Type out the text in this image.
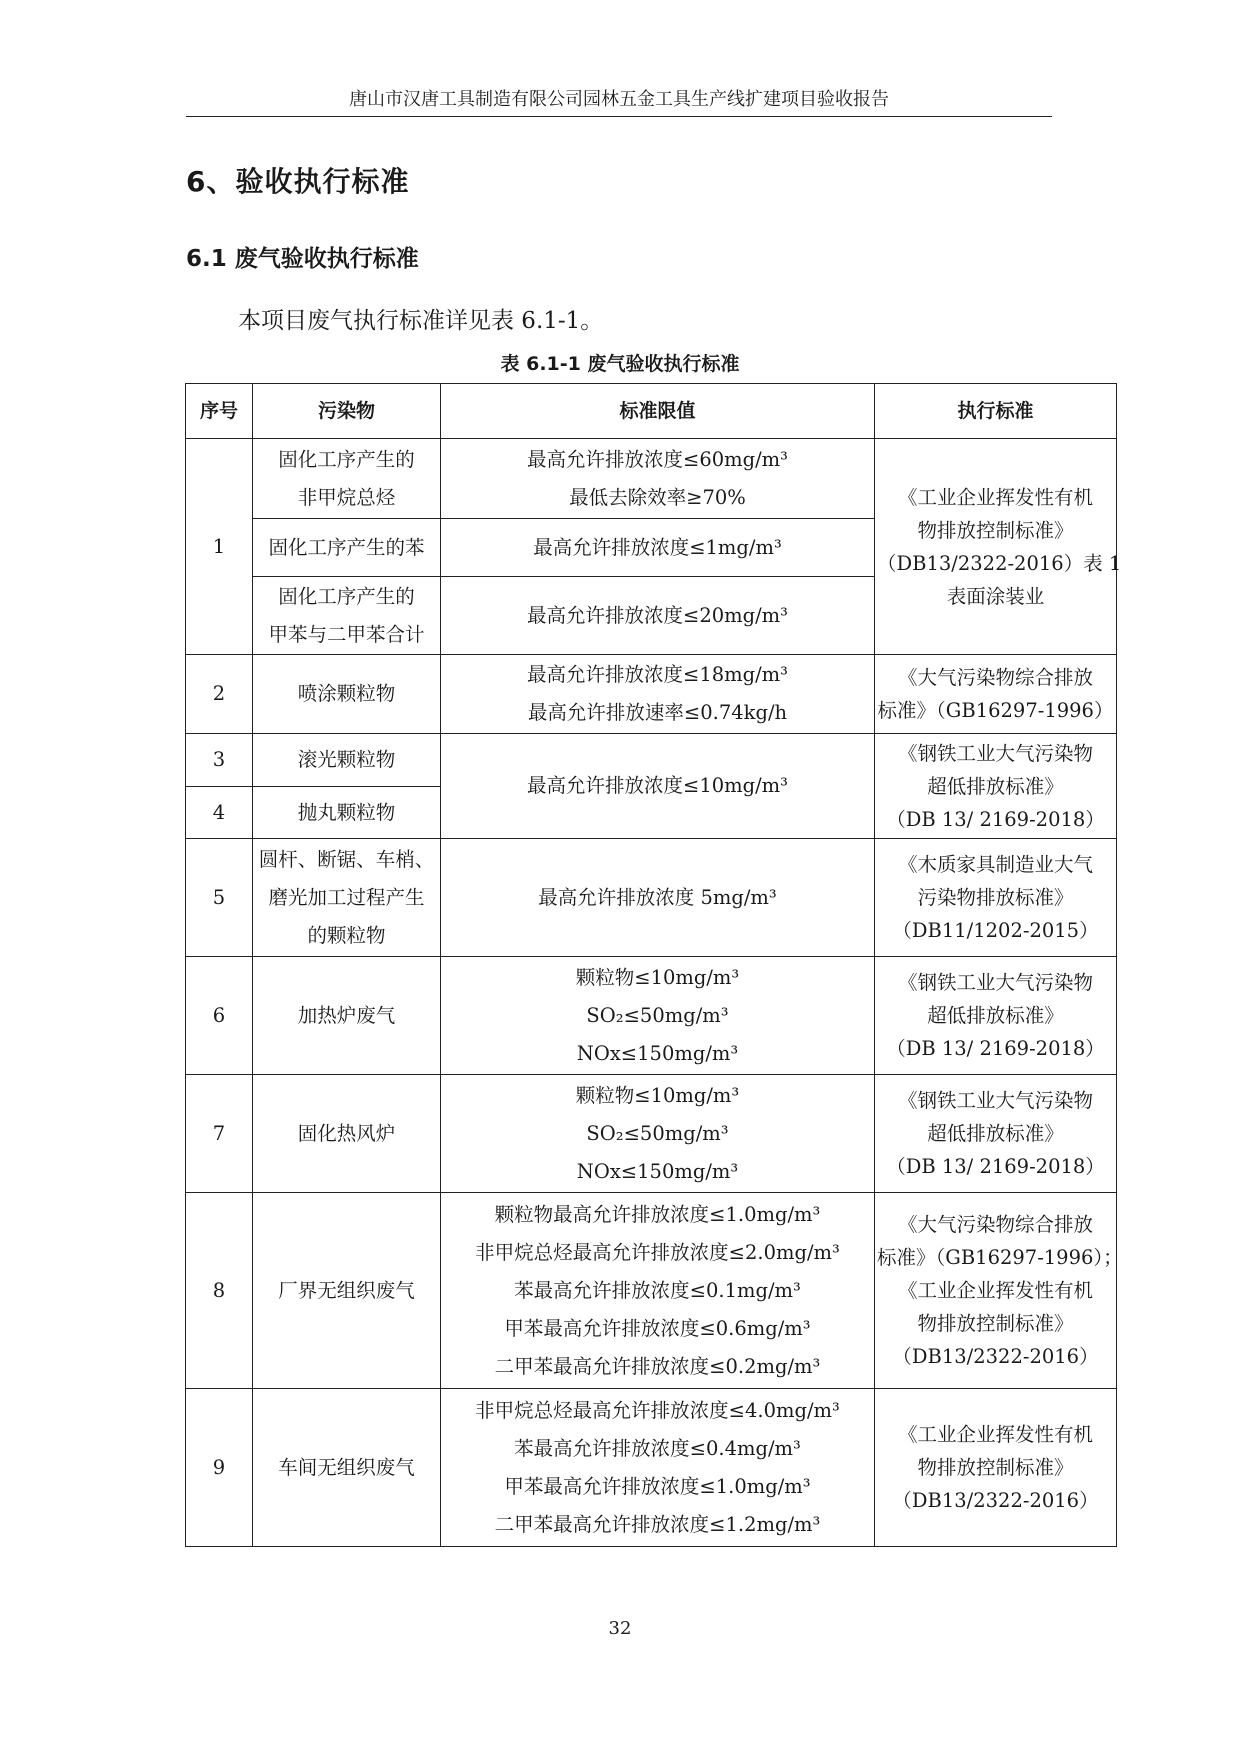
唐山市汉唐工具制造有限公司园林五金工具生产线扩建项目验收报告
6、验收执行标准
6.1 废气验收执行标准
本项目废气执行标准详见表 6.1-1。
表 6.1-1 废气验收执行标准
序号	污染物	标准限值	执行标准
1	固化工序产生的
非甲烷总烃	最高允许排放浓度≤60mg/m³
最低去除效率≥70%	《工业企业挥发性有机
物排放控制标准》
（DB13/2322-2016）表 1
表面涂装业

	固化工序产生的苯	最高允许排放浓度≤1mg/m³	

	固化工序产生的
甲苯与二甲苯合计	最高允许排放浓度≤20mg/m³	

2	喷涂颗粒物	最高允许排放浓度≤18mg/m³
最高允许排放速率≤0.74kg/h	《大气污染物综合排放
标准》（GB16297-1996）

3	滚光颗粒物	最高允许排放浓度≤10mg/m³	《钢铁工业大气污染物
超低排放标准》
（DB 13/ 2169-2018）

4	抛丸颗粒物		

5	圆杆、断锯、车梢、
磨光加工过程产生
的颗粒物	最高允许排放浓度 5mg/m³	《木质家具制造业大气
污染物排放标准》
（DB11/1202-2015）

6	加热炉废气	颗粒物≤10mg/m³
SO₂≤50mg/m³
NOx≤150mg/m³	《钢铁工业大气污染物
超低排放标准》
（DB 13/ 2169-2018）

7	固化热风炉	颗粒物≤10mg/m³
SO₂≤50mg/m³
NOx≤150mg/m³	《钢铁工业大气污染物
超低排放标准》
（DB 13/ 2169-2018）

8	厂界无组织废气	颗粒物最高允许排放浓度≤1.0mg/m³
非甲烷总烃最高允许排放浓度≤2.0mg/m³
苯最高允许排放浓度≤0.1mg/m³
甲苯最高允许排放浓度≤0.6mg/m³
二甲苯最高允许排放浓度≤0.2mg/m³	《大气污染物综合排放
标准》（GB16297-1996）；
《工业企业挥发性有机
物排放控制标准》
（DB13/2322-2016）

9	车间无组织废气	非甲烷总烃最高允许排放浓度≤4.0mg/m³
苯最高允许排放浓度≤0.4mg/m³
甲苯最高允许排放浓度≤1.0mg/m³
二甲苯最高允许排放浓度≤1.2mg/m³	《工业企业挥发性有机
物排放控制标准》
（DB13/2322-2016）
32
